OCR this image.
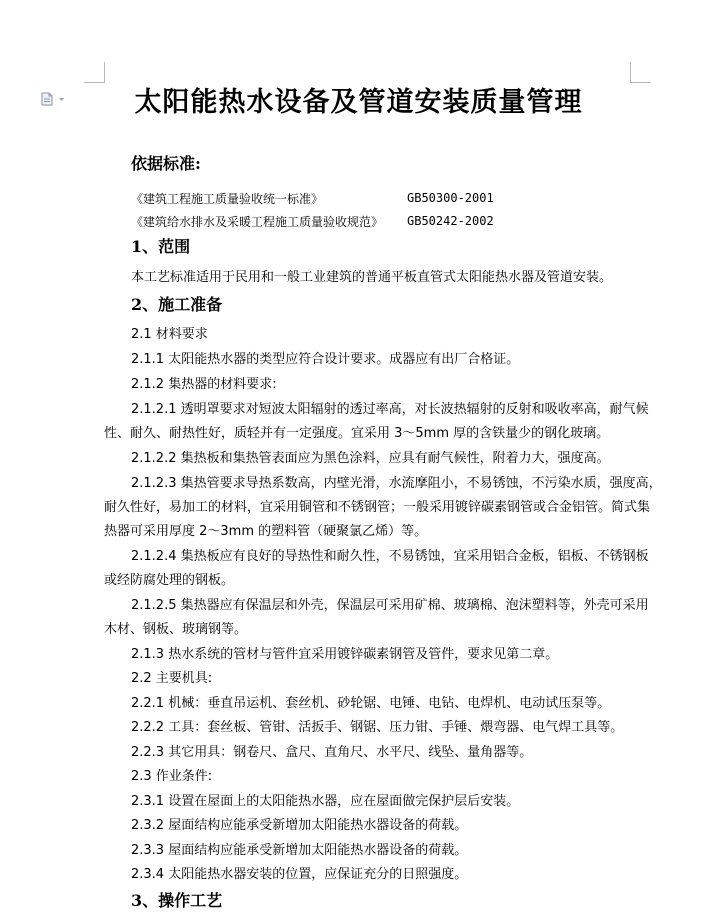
太阳能热水设备及管道安装质量管理
依据标准:
《建筑工程施工质量验收统一标准》	GB50300-2001
《建筑给水排水及采暖工程施工质量验收规范》 GB50242-2002
1、范围
本工艺标准适用于民用和一般工业建筑的普通平板直管式太阳能热水器及管道安装。
2、施工准备
2.1 材料要求
2.1.1 太阳能热水器的类型应符合设计要求。成器应有出厂合格证。
2.1.2 集热器的材料要求:
2.1.2.1 透明罩要求对短波太阳辐射的透过率高，对长波热辐射的反射和吸收率高，耐气候
性、耐久、耐热性好，质轻并有一定强度。宜采用 3～5mm 厚的含铁量少的钢化玻璃。
2.1.2.2 集热板和集热管表面应为黑色涂料，应具有耐气候性，附着力大，强度高。
2.1.2.3 集热管要求导热系数高，内壁光滑，水流摩阻小，不易锈蚀，不污染水质，强度高，
耐久性好，易加工的材料，宜采用铜管和不锈钢管；一般采用镀锌碳素钢管或合金铝管。简式集
热器可采用厚度 2～3mm 的塑料管（硬聚氯乙烯）等。
2.1.2.4 集热板应有良好的导热性和耐久性，不易锈蚀，宜采用铝合金板，铝板、不锈钢板
或经防腐处理的钢板。
2.1.2.5 集热器应有保温层和外壳，保温层可采用矿棉、玻璃棉、泡沫塑料等，外壳可采用
木材、钢板、玻璃钢等。
2.1.3 热水系统的管材与管件宜采用镀锌碳素钢管及管件，要求见第二章。
2.2 主要机具:
2.2.1 机械：垂直吊运机、套丝机、砂轮锯、电锤、电钻、电焊机、电动试压泵等。
2.2.2 工具：套丝板、管钳、活扳手、钢锯、压力钳、手锤、煨弯器、电气焊工具等。
2.2.3 其它用具：钢卷尺、盒尺、直角尺、水平尺、线坠、量角器等。
2.3 作业条件:
2.3.1 设置在屋面上的太阳能热水器，应在屋面做完保护层后安装。
2.3.2 屋面结构应能承受新增加太阳能热水器设备的荷载。
2.3.3 屋面结构应能承受新增加太阳能热水器设备的荷载。
2.3.4 太阳能热水器安装的位置，应保证充分的日照强度。
3、操作工艺
